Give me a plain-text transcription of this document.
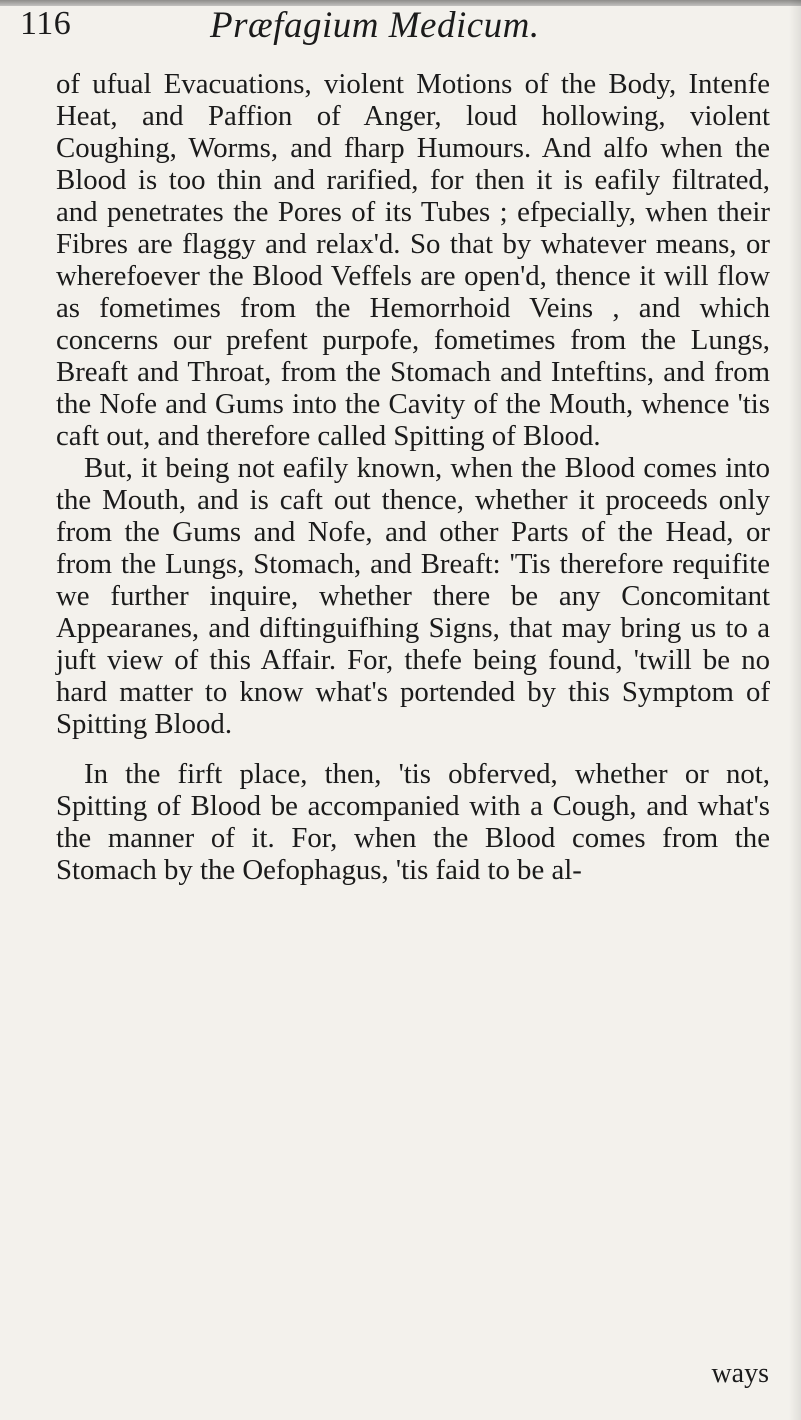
116	Præfagium Medicum.

of ufual Evacuations, violent Motions of the Body, Intenfe Heat, and Paffion of Anger, loud hollowing, violent Coughing, Worms, and fharp Humours. And alfo when the Blood is too thin and rarified, for then it is eafily filtrated, and penetrates the Pores of its Tubes ; efpecially, when their Fibres are flaggy and relax'd. So that by whatever means, or wherefoever the Blood Veffels are open'd, thence it will flow as fometimes from the Hemorrhoid Veins , and which concerns our prefent purpofe, fometimes from the Lungs, Breaft and Throat, from the Stomach and Inteftins, and from the Nofe and Gums into the Cavity of the Mouth, whence 'tis caft out, and therefore called Spitting of Blood.

But, it being not eafily known, when the Blood comes into the Mouth, and is caft out thence, whether it proceeds only from the Gums and Nofe, and other Parts of the Head, or from the Lungs, Stomach, and Breaft: 'Tis therefore requifite we further inquire, whether there be any Concomitant Appearanes, and diftinguifhing Signs, that may bring us to a juft view of this Affair. For, thefe being found, 'twill be no hard matter to know what's portended by this Symptom of Spitting Blood.

In the firft place, then, 'tis obferved, whether or not, Spitting of Blood be accompanied with a Cough, and what's the manner of it. For, when the Blood comes from the Stomach by the Oefophagus, 'tis faid to be al-

ways
